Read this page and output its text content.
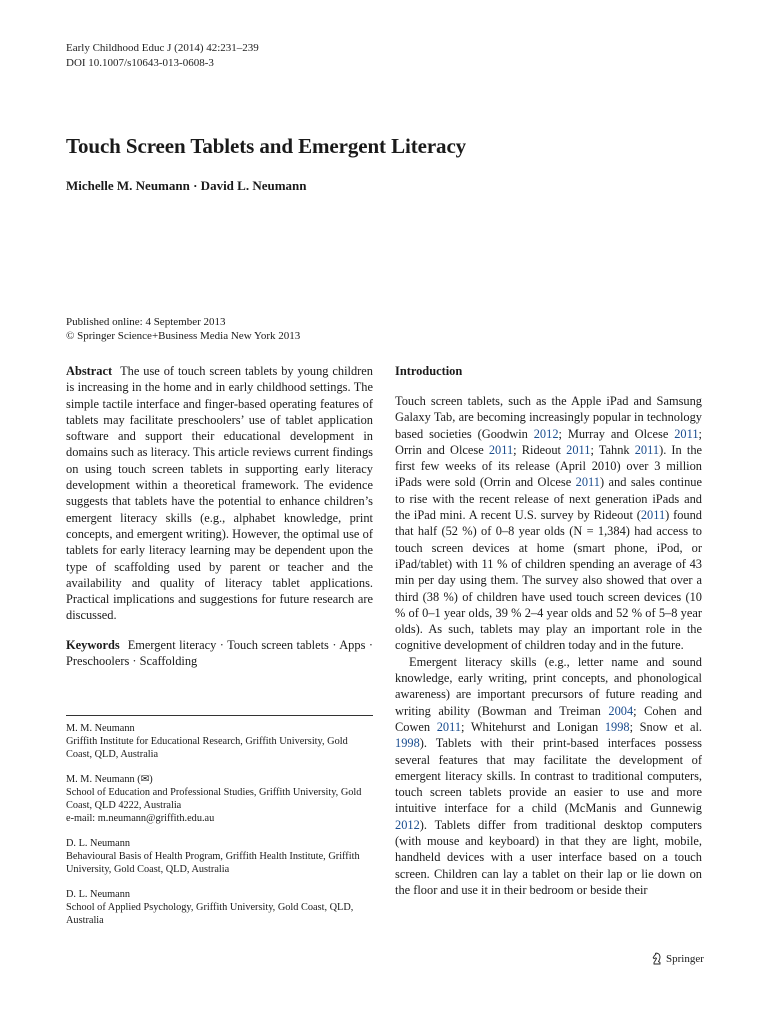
Early Childhood Educ J (2014) 42:231–239
DOI 10.1007/s10643-013-0608-3
Touch Screen Tablets and Emergent Literacy
Michelle M. Neumann · David L. Neumann
Published online: 4 September 2013
© Springer Science+Business Media New York 2013

Abstract The use of touch screen tablets by young children is increasing in the home and in early childhood settings. The simple tactile interface and finger-based operating features of tablets may facilitate preschoolers’ use of tablet application software and support their educational development in domains such as literacy. This article reviews current findings on using touch screen tablets in supporting early literacy development within a theoretical framework. The evidence suggests that tablets have the potential to enhance children’s emergent literacy skills (e.g., alphabet knowledge, print concepts, and emergent writing). However, the optimal use of tablets for early literacy learning may be dependent upon the type of scaffolding used by parent or teacher and the availability and quality of literacy tablet applications. Practical implications and suggestions for future research are discussed.

Keywords Emergent literacy · Touch screen tablets · Apps · Preschoolers · Scaffolding

M. M. Neumann
Griffith Institute for Educational Research, Griffith University, Gold Coast, QLD, Australia
M. M. Neumann (✉)
School of Education and Professional Studies, Griffith University, Gold Coast, QLD 4222, Australia
e-mail: m.neumann@griffith.edu.au
D. L. Neumann
Behavioural Basis of Health Program, Griffith Health Institute, Griffith University, Gold Coast, QLD, Australia
D. L. Neumann
School of Applied Psychology, Griffith University, Gold Coast, QLD, Australia
Introduction

Touch screen tablets, such as the Apple iPad and Samsung Galaxy Tab, are becoming increasingly popular in technology based societies (Goodwin 2012; Murray and Olcese 2011; Orrin and Olcese 2011; Rideout 2011; Tahnk 2011). In the first few weeks of its release (April 2010) over 3 million iPads were sold (Orrin and Olcese 2011) and sales continue to rise with the recent release of next generation iPads and the iPad mini. A recent U.S. survey by Rideout (2011) found that half (52 %) of 0–8 year olds (N = 1,384) had access to touch screen devices at home (smart phone, iPod, or iPad/tablet) with 11 % of children spending an average of 43 min per day using them. The survey also showed that over a third (38 %) of children have used touch screen devices (10 % of 0–1 year olds, 39 % 2–4 year olds and 52 % of 5–8 year olds). As such, tablets may play an important role in the cognitive development of children today and in the future.

Emergent literacy skills (e.g., letter name and sound knowledge, early writing, print concepts, and phonological awareness) are important precursors of future reading and writing ability (Bowman and Treiman 2004; Cohen and Cowen 2011; Whitehurst and Lonigan 1998; Snow et al. 1998). Tablets with their print-based interfaces possess several features that may facilitate the development of emergent literacy skills. In contrast to traditional computers, touch screen tablets provide an easier to use and more intuitive interface for a child (McManis and Gunnewig 2012). Tablets differ from traditional desktop computers (with mouse and keyboard) in that they are light, mobile, handheld devices with a user interface based on a touch screen. Children can lay a tablet on their lap or lie down on the floor and use it in their bedroom or beside their

Springer
